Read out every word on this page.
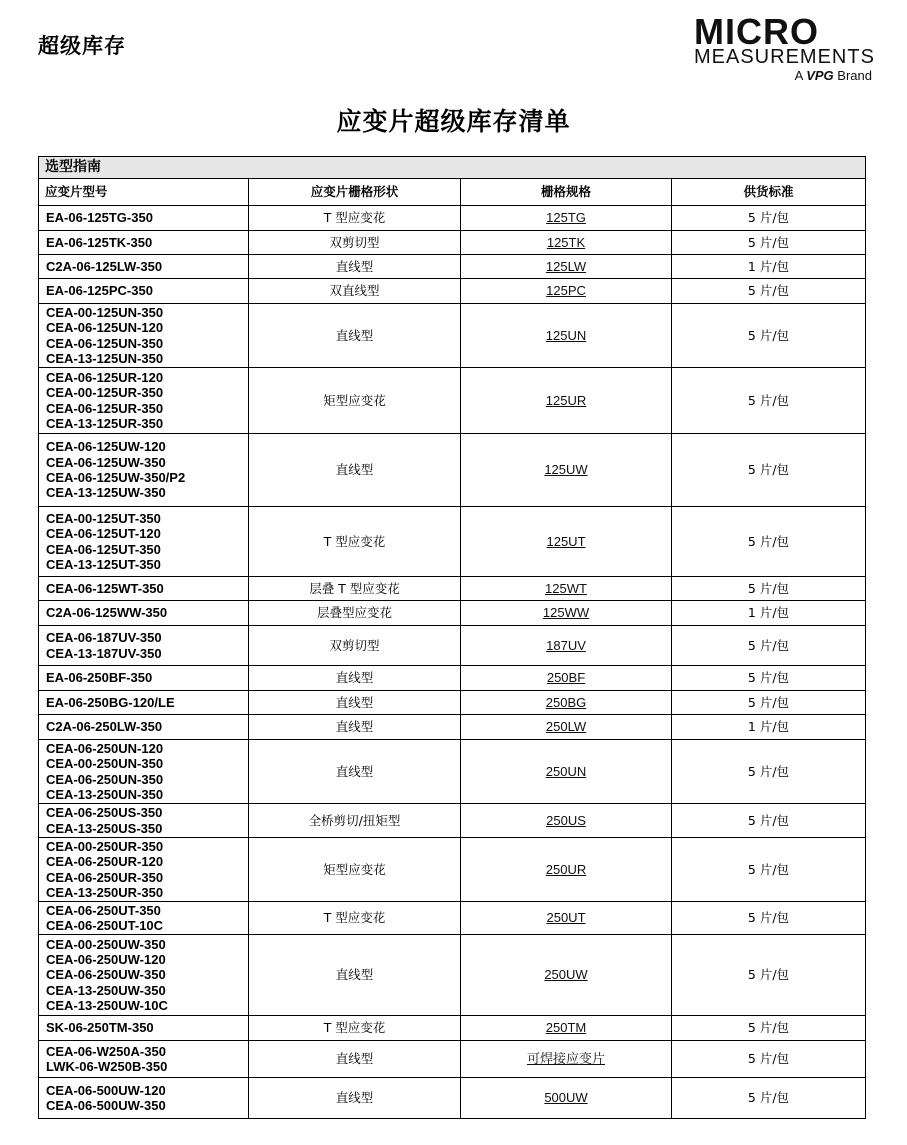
超级库存	MICRO
MEASUREMENTS
A VPG Brand
应变片超级库存清单
选型指南			
应变片型号	应变片栅格形状	栅格规格	供货标准

EA-06-125TG-350	T 型应变花	125TG	5 片/包

EA-06-125TK-350	双剪切型	125TK	5 片/包

C2A-06-125LW-350	直线型	125LW	1 片/包

EA-06-125PC-350	双直线型	125PC	5 片/包

CEA-00-125UN-350
CEA-06-125UN-120
CEA-06-125UN-350
CEA-13-125UN-350	直线型	125UN	5 片/包

CEA-06-125UR-120
CEA-00-125UR-350
CEA-06-125UR-350
CEA-13-125UR-350	矩型应变花	125UR	5 片/包

CEA-06-125UW-120
CEA-06-125UW-350
CEA-06-125UW-350/P2
CEA-13-125UW-350	直线型	125UW	5 片/包

CEA-00-125UT-350
CEA-06-125UT-120
CEA-06-125UT-350
CEA-13-125UT-350	T 型应变花	125UT	5 片/包

CEA-06-125WT-350	层叠 T 型应变花	125WT	5 片/包

C2A-06-125WW-350	层叠型应变花	125WW	1 片/包

CEA-06-187UV-350
CEA-13-187UV-350	双剪切型	187UV	5 片/包

EA-06-250BF-350	直线型	250BF	5 片/包

EA-06-250BG-120/LE	直线型	250BG	5 片/包

C2A-06-250LW-350	直线型	250LW	1 片/包

CEA-06-250UN-120
CEA-00-250UN-350
CEA-06-250UN-350
CEA-13-250UN-350	直线型	250UN	5 片/包

CEA-06-250US-350
CEA-13-250US-350	全桥剪切/扭矩型	250US	5 片/包

CEA-00-250UR-350
CEA-06-250UR-120
CEA-06-250UR-350
CEA-13-250UR-350	矩型应变花	250UR	5 片/包

CEA-06-250UT-350
CEA-06-250UT-10C	T 型应变花	250UT	5 片/包

CEA-00-250UW-350
CEA-06-250UW-120
CEA-06-250UW-350
CEA-13-250UW-350
CEA-13-250UW-10C	直线型	250UW	5 片/包

SK-06-250TM-350	T 型应变花	250TM	5 片/包

CEA-06-W250A-350
LWK-06-W250B-350	直线型	可焊接应变片	5 片/包

CEA-06-500UW-120
CEA-06-500UW-350	直线型	500UW	5 片/包
